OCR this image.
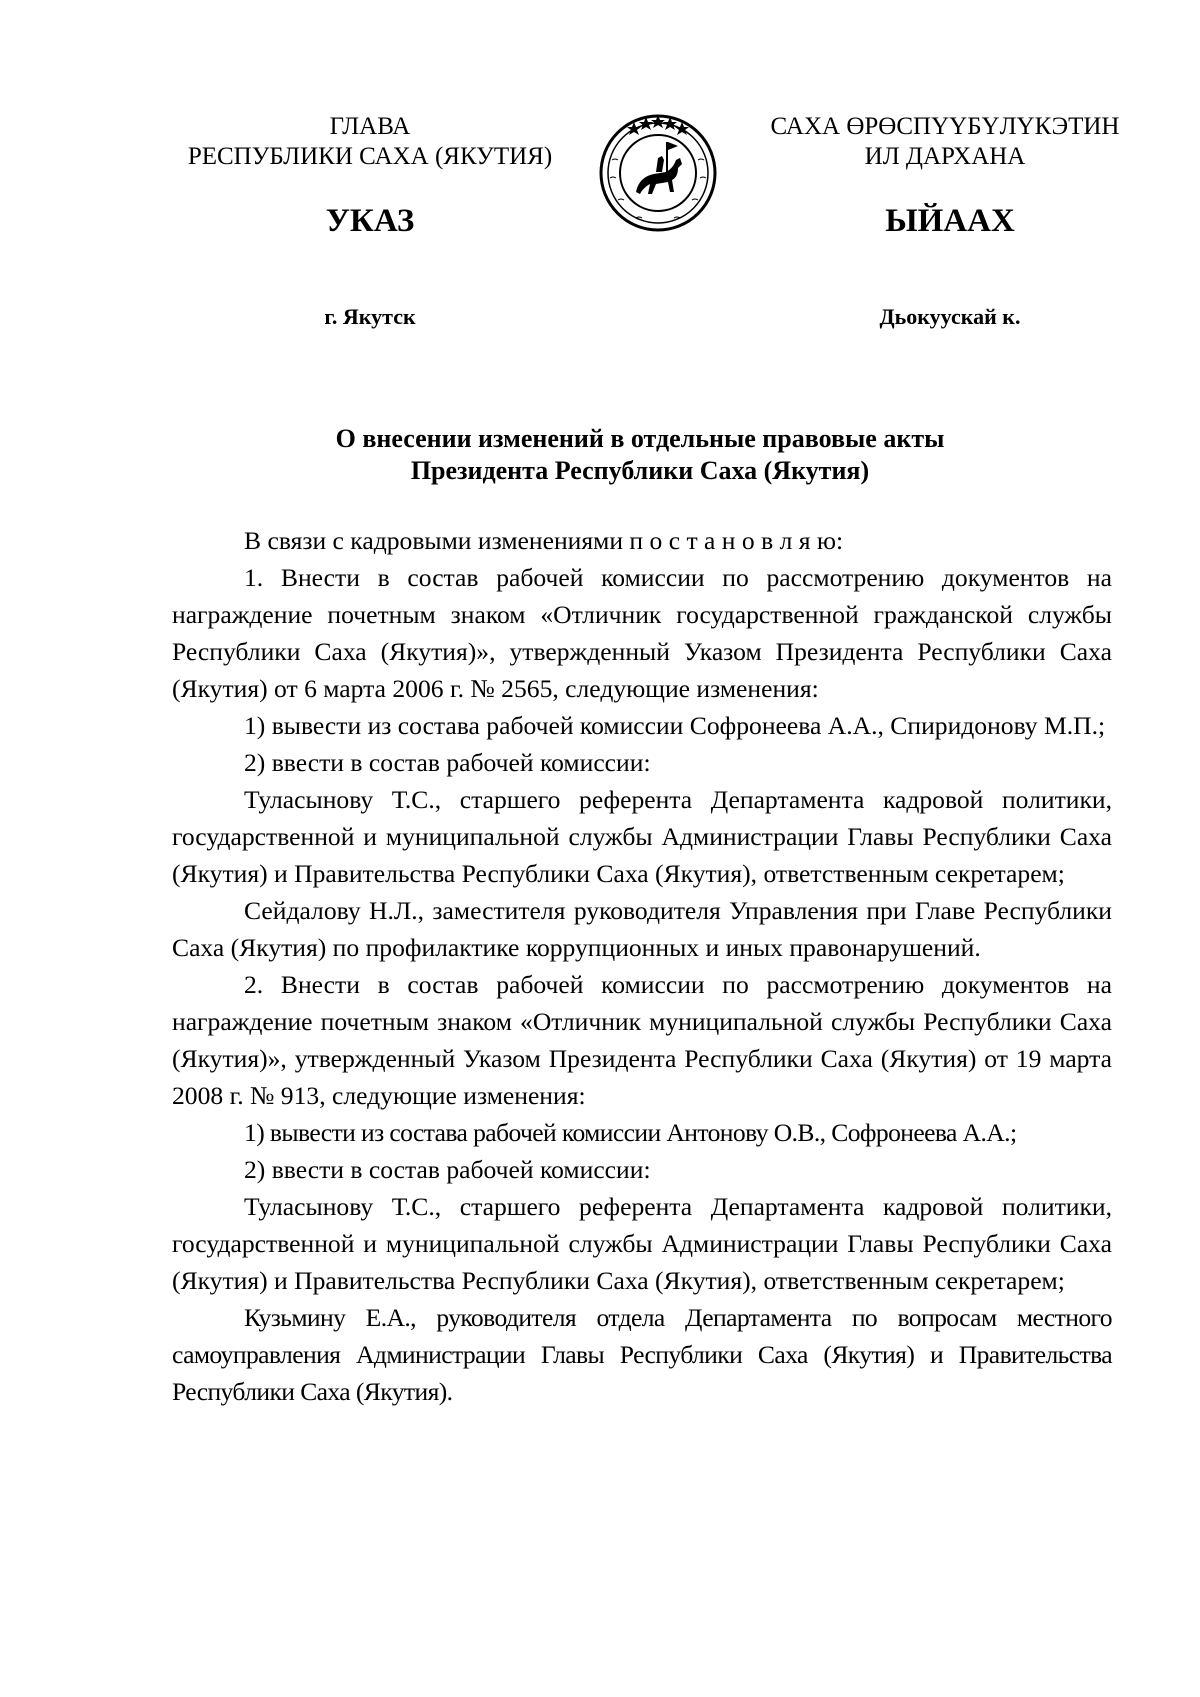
ГЛАВА
РЕСПУБЛИКИ САХА (ЯКУТИЯ)
САХА ӨРӨСПҮҮБҮЛҮКЭТИН
ИЛ ДАРХАНА
УКАЗ	ЫЙААХ
г. Якутск	Дьокуускай к.
О внесении изменений в отдельные правовые акты
Президента Республики Саха (Якутия)

В связи с кадровыми изменениями п о с т а н о в л я ю:

1. Внести в состав рабочей комиссии по рассмотрению документов на награждение почетным знаком «Отличник государственной гражданской службы Республики Саха (Якутия)», утвержденный Указом Президента Республики Саха (Якутия) от 6 марта 2006 г. № 2565, следующие изменения:

1) вывести из состава рабочей комиссии Софронеева А.А., Спиридонову М.П.;

2) ввести в состав рабочей комиссии:

Туласынову Т.С., старшего референта Департамента кадровой политики, государственной и муниципальной службы Администрации Главы Республики Саха (Якутия) и Правительства Республики Саха (Якутия), ответственным секретарем;

Сейдалову Н.Л., заместителя руководителя Управления при Главе Республики Саха (Якутия) по профилактике коррупционных и иных правонарушений.

2. Внести в состав рабочей комиссии по рассмотрению документов на награждение почетным знаком «Отличник муниципальной службы Республики Саха (Якутия)», утвержденный Указом Президента Республики Саха (Якутия) от 19 марта 2008 г. № 913, следующие изменения:

1) вывести из состава рабочей комиссии Антонову О.В., Софронеева А.А.;

2) ввести в состав рабочей комиссии:

Туласынову Т.С., старшего референта Департамента кадровой политики, государственной и муниципальной службы Администрации Главы Республики Саха (Якутия) и Правительства Республики Саха (Якутия), ответственным секретарем;

Кузьмину Е.А., руководителя отдела Департамента по вопросам местного самоуправления Администрации Главы Республики Саха (Якутия) и Правительства Республики Саха (Якутия).
